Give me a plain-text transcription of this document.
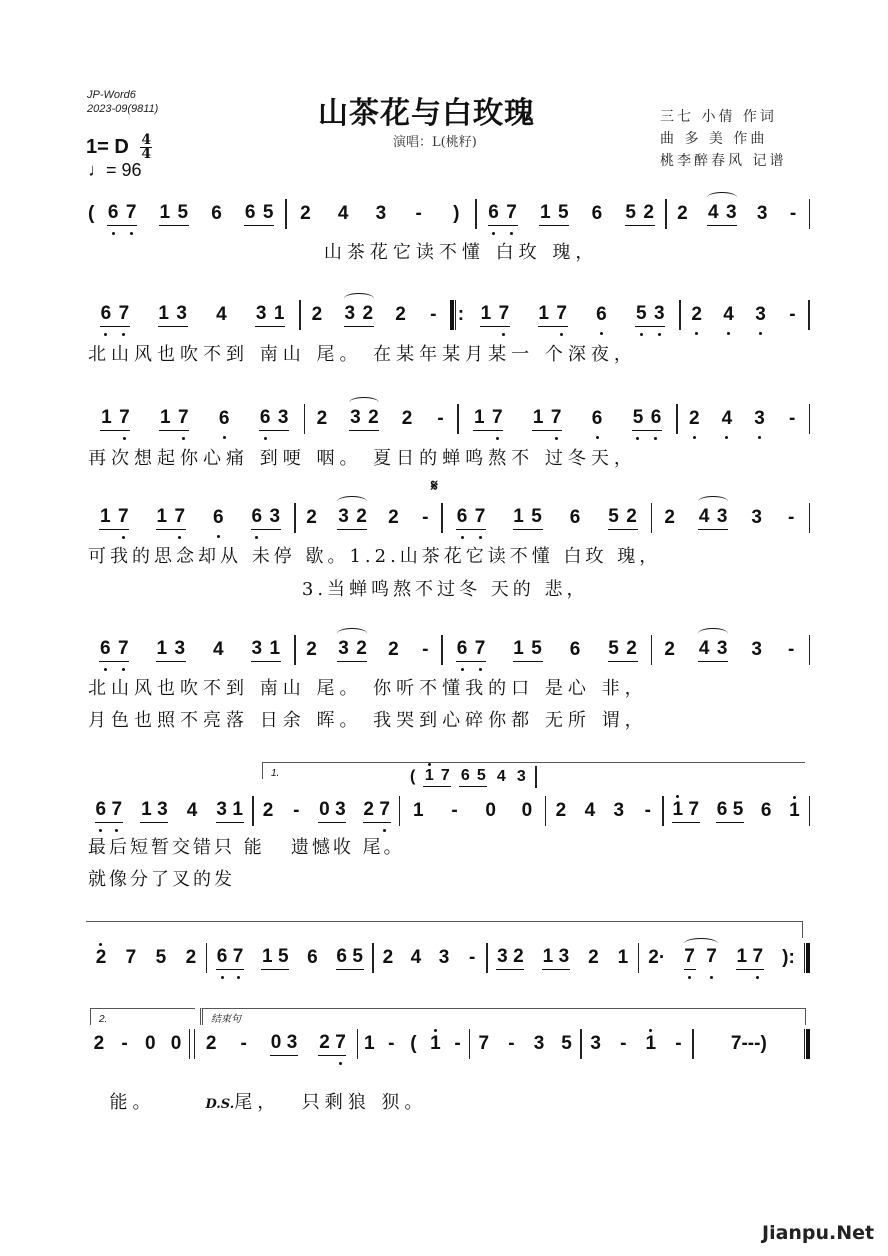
JP-Word6
2023-09(9811)	山茶花与白玫瑰
演唱：L(桃籽)
三七 小倩 作词
曲 多 美 作曲
桃李醉春风 记谱
1= D $\frac{4}{4}$
♩= 96
( 6 7 1 5 6 6 5 2 4 3 - ) 6 7 1 5 6 5 2 2 4 3 3 -
山茶花它读不懂 白玫 瑰，
6 7 1 3 4 3 1 2 3 2 2 - : 1 7 1 7 6 5 3 2 4 3 -
北山风也吹不到 南山 尾。 在某年某月某一 个深夜，
1 7 1 7 6 6 3 2 3 2 2 - 1 7 1 7 6 5 6 2 4 3 -
再次想起你心痛 到哽 咽。 夏日的蝉鸣熬不 过冬天，
𝄋
1 7 1 7 6 6 3 2 3 2 2 - 6 7 1 5 6 5 2 2 4 3 3 -
可我的思念却从 未停 歇。1.2.山茶花它读不懂 白玫 瑰，
3.当蝉鸣熬不过冬 天的 悲，
6 7 1 3 4 3 1 2 3 2 2 - 6 7 1 5 6 5 2 2 4 3 3 -
北山风也吹不到 南山 尾。 你听不懂我的口 是心 非，
月色也照不亮落 日余 晖。 我哭到心碎你都 无所 谓，
1.	( 1 7 6 5 4 3
6 7 1 3 4 3 1 2 - 0 3 2 7 1 - 0 0 2 4 3 - 1 7 6 5 6 1
最后短暂交错只 能   遗憾收 尾。
就像分了叉的发
2 7 5 2 6 7 1 5 6 6 5 2 4 3 - 3 2 1 3 2 1 2· 7 7 1 7 ):
2.	结束句
2 - 0 0 2 - 0 3 2 7 1 - ( 1 - 7 - 3 5 3 - 1 -	7---)

能。	D.S.尾，  只剩狼 狈。

Jianpu.Net
